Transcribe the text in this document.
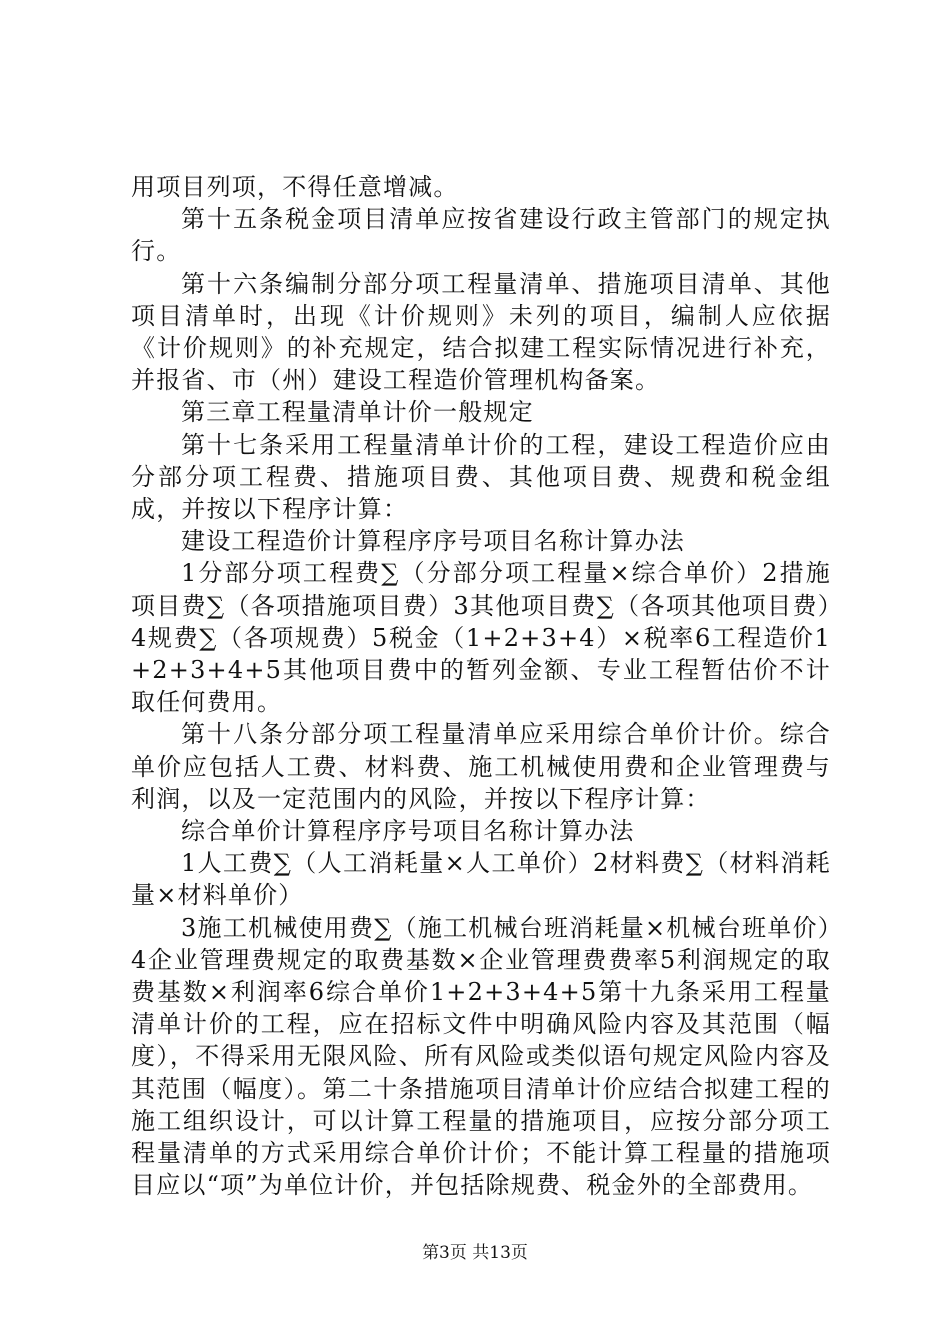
用项目列项，不得任意增减。

第十五条税金项目清单应按省建设行政主管部门的规定执行。

第十六条编制分部分项工程量清单、措施项目清单、其他项目清单时，出现《计价规则》未列的项目，编制人应依据《计价规则》的补充规定，结合拟建工程实际情况进行补充，并报省、市（州）建设工程造价管理机构备案。

第三章工程量清单计价一般规定

第十七条采用工程量清单计价的工程，建设工程造价应由分部分项工程费、措施项目费、其他项目费、规费和税金组成，并按以下程序计算：

建设工程造价计算程序序号项目名称计算办法

1分部分项工程费∑（分部分项工程量×综合单价）2措施项目费∑（各项措施项目费）3其他项目费∑（各项其他项目费）4规费∑（各项规费）5税金（1+2+3+4）×税率6工程造价1+2+3+4+5其他项目费中的暂列金额、专业工程暂估价不计取任何费用。

第十八条分部分项工程量清单应采用综合单价计价。综合单价应包括人工费、材料费、施工机械使用费和企业管理费与利润，以及一定范围内的风险，并按以下程序计算：

综合单价计算程序序号项目名称计算办法

1人工费∑（人工消耗量×人工单价）2材料费∑（材料消耗量×材料单价）

3施工机械使用费∑（施工机械台班消耗量×机械台班单价）4企业管理费规定的取费基数×企业管理费费率5利润规定的取费基数×利润率6综合单价1+2+3+4+5第十九条采用工程量清单计价的工程，应在招标文件中明确风险内容及其范围（幅度），不得采用无限风险、所有风险或类似语句规定风险内容及其范围（幅度）。第二十条措施项目清单计价应结合拟建工程的施工组织设计，可以计算工程量的措施项目，应按分部分项工程量清单的方式采用综合单价计价；不能计算工程量的措施项目应以“项”为单位计价，并包括除规费、税金外的全部费用。

第3页 共13页
